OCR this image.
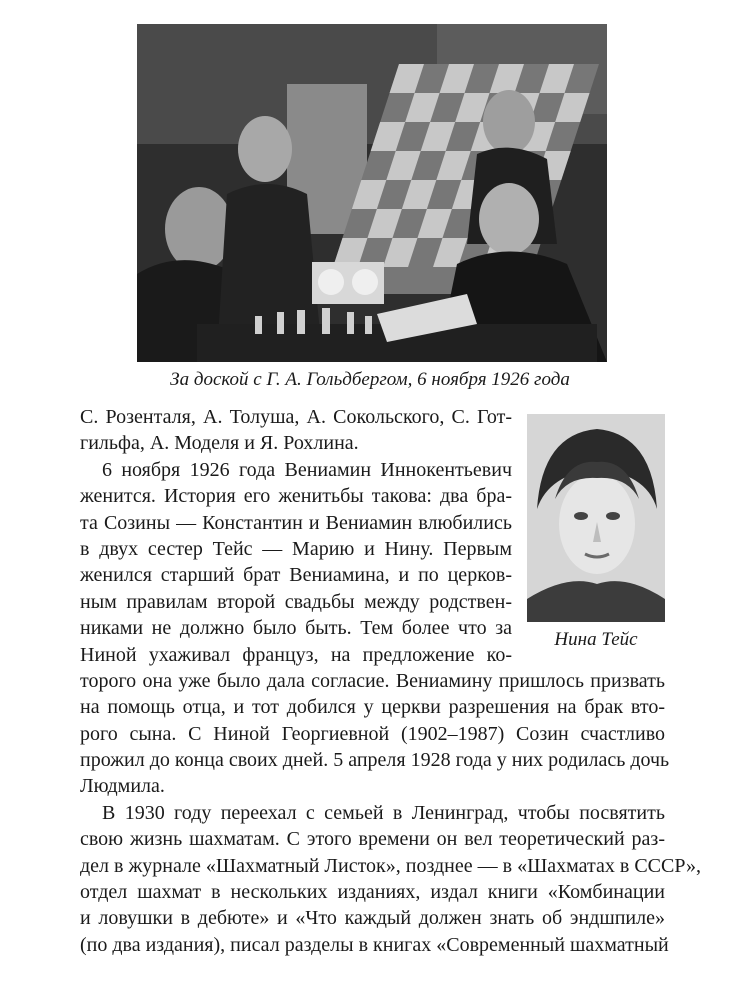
За доской с Г. А. Гольдбергом, 6 ноября 1926 года
Нина Тейс
С. Розенталя, А. Толуша, А. Сокольского, С. Гот-
гильфа, А. Моделя и Я. Рохлина.
6 ноября 1926 года Вениамин Иннокентьевич
женится. История его женитьбы такова: два бра-
та Созины — Константин и Вениамин влюбились
в двух сестер Тейс — Марию и Нину. Первым
женился старший брат Вениамина, и по церков-
ным правилам второй свадьбы между родствен-
никами не должно было быть. Тем более что за
Ниной ухаживал француз, на предложение ко-
торого она уже было дала согласие. Вениамину пришлось призвать
на помощь отца, и тот добился у церкви разрешения на брак вто-
рого сына. С Ниной Георгиевной (1902–1987) Созин счастливо
прожил до конца своих дней. 5 апреля 1928 года у них родилась дочь
Людмила.
В 1930 году переехал с семьей в Ленинград, чтобы посвятить
свою жизнь шахматам. С этого времени он вел теоретический раз-
дел в журнале «Шахматный Листок», позднее — в «Шахматах в СССР»,
отдел шахмат в нескольких изданиях, издал книги «Комбинации
и ловушки в дебюте» и «Что каждый должен знать об эндшпиле»
(по два издания), писал разделы в книгах «Современный шахматный
